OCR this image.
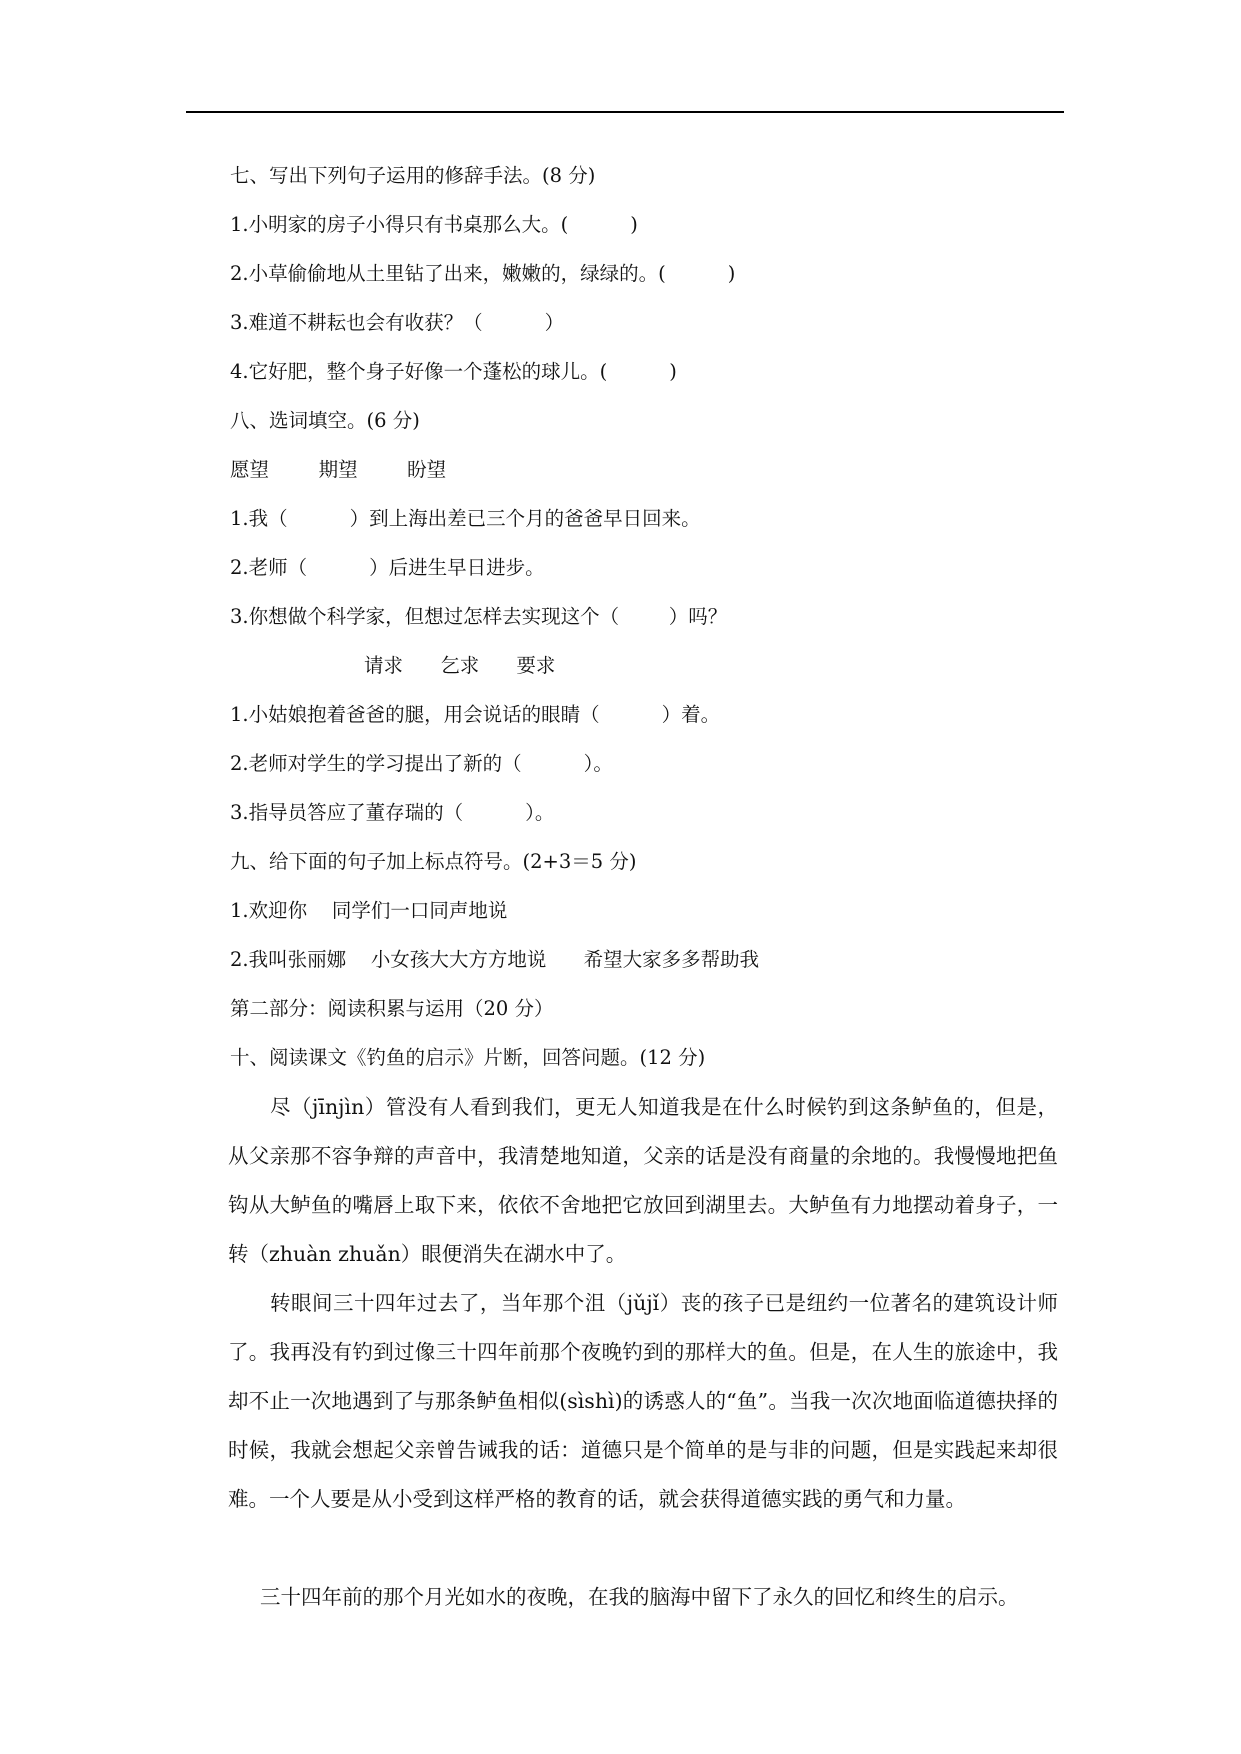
七、写出下列句子运用的修辞手法。(8 分)
1.小明家的房子小得只有书桌那么大。(          )
2.小草偷偷地从土里钻了出来，嫩嫩的，绿绿的。(          )
3.难道不耕耘也会有收获？（          ）
4.它好肥，整个身子好像一个蓬松的球儿。(          )
八、选词填空。(6 分)
愿望        期望        盼望
1.我（          ）到上海出差已三个月的爸爸早日回来。
2.老师（          ）后进生早日进步。
3.你想做个科学家，但想过怎样去实现这个（        ）吗？
请求      乞求      要求
1.小姑娘抱着爸爸的腿，用会说话的眼睛（          ）着。
2.老师对学生的学习提出了新的（          ）。
3.指导员答应了董存瑞的（          ）。
九、给下面的句子加上标点符号。(2+3＝5 分)
1.欢迎你    同学们一口同声地说
2.我叫张丽娜    小女孩大大方方地说      希望大家多多帮助我
第二部分：阅读积累与运用（20 分）
十、阅读课文《钓鱼的启示》片断，回答问题。(12 分)
尽（jīnjìn）管没有人看到我们，更无人知道我是在什么时候钓到这条鲈鱼的，但是，从父亲那不容争辩的声音中，我清楚地知道，父亲的话是没有商量的余地的。我慢慢地把鱼钩从大鲈鱼的嘴唇上取下来，依依不舍地把它放回到湖里去。大鲈鱼有力地摆动着身子，一转（zhuàn zhuǎn）眼便消失在湖水中了。
转眼间三十四年过去了，当年那个沮（jǔjǐ）丧的孩子已是纽约一位著名的建筑设计师了。我再没有钓到过像三十四年前那个夜晚钓到的那样大的鱼。但是，在人生的旅途中，我却不止一次地遇到了与那条鲈鱼相似(sìshì)的诱惑人的“鱼”。当我一次次地面临道德抉择的时候，我就会想起父亲曾告诫我的话：道德只是个简单的是与非的问题，但是实践起来却很难。一个人要是从小受到这样严格的教育的话，就会获得道德实践的勇气和力量。
三十四年前的那个月光如水的夜晚，在我的脑海中留下了永久的回忆和终生的启示。
